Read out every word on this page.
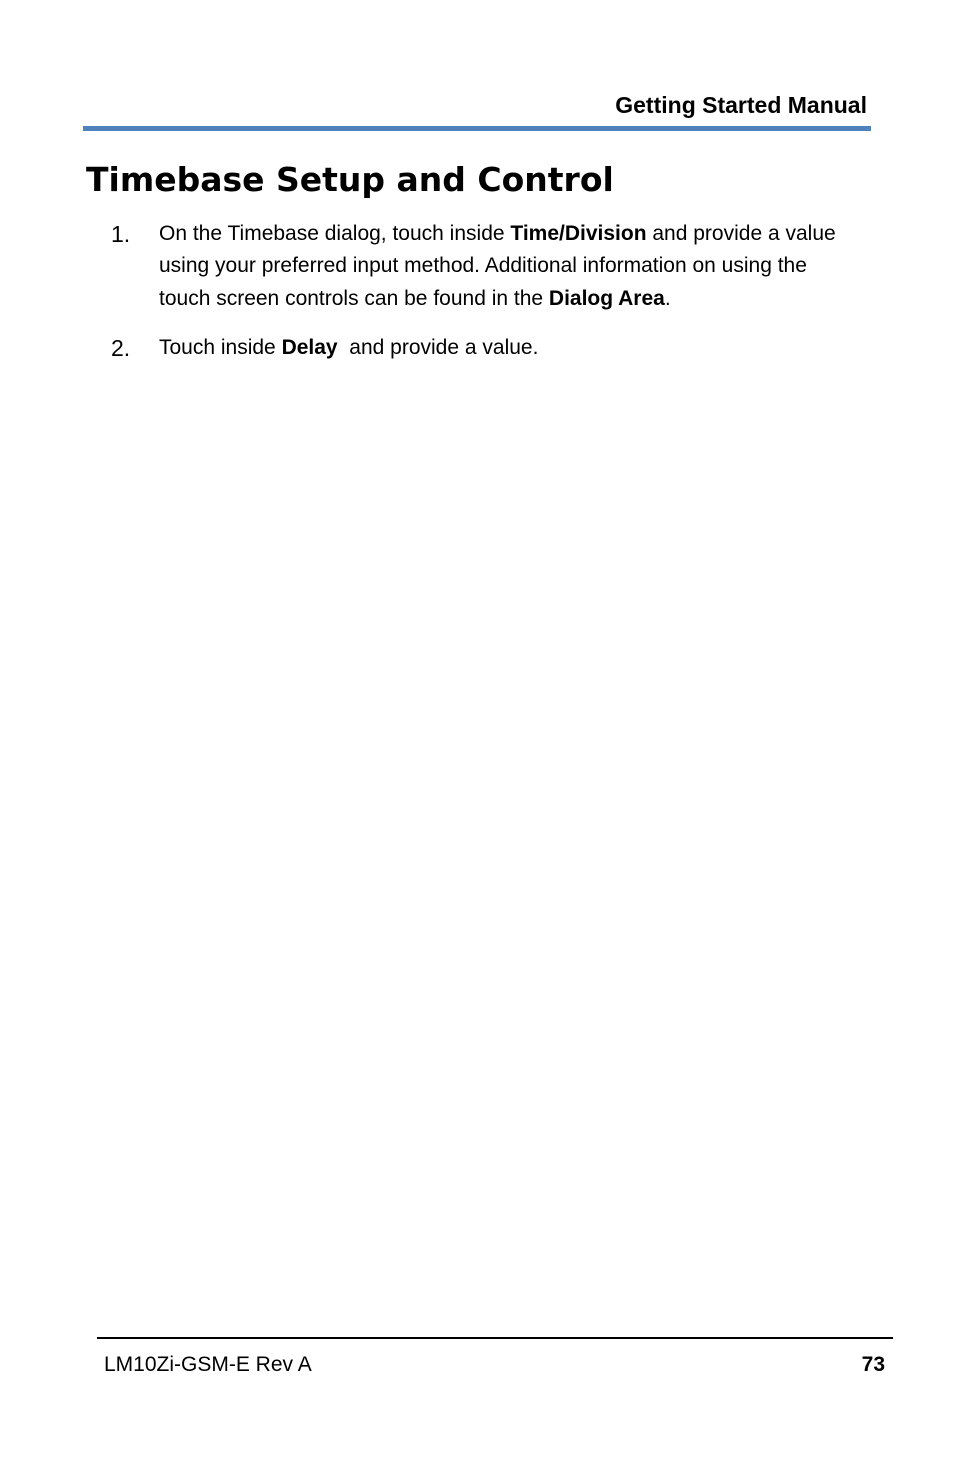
Getting Started Manual
Timebase Setup and Control
1. On the Timebase dialog, touch inside Time/Division and provide a value using your preferred input method. Additional information on using the touch screen controls can be found in the Dialog Area.
2. Touch inside Delay  and provide a value.
LM10Zi-GSM-E Rev A	73
